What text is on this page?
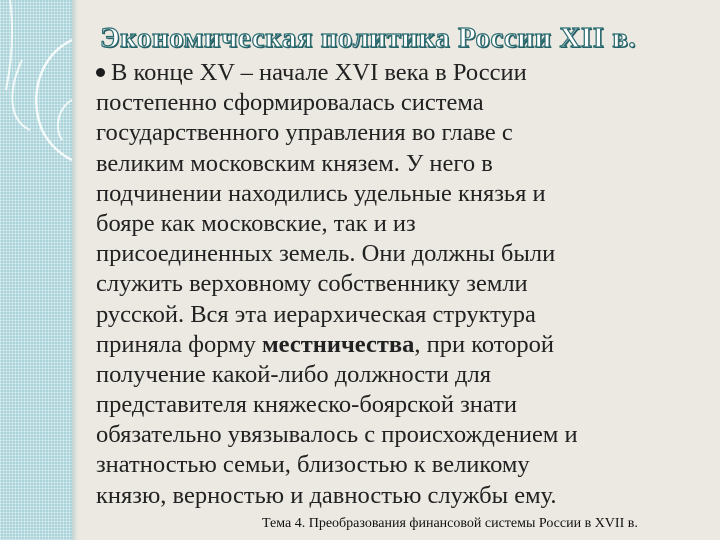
Экономическая политика России XII в.
В конце XV – начале XVI века в России
постепенно сформировалась система
государственного управления во главе с
великим московским князем. У него в
подчинении находились удельные князья и
бояре как московские, так и из
присоединенных земель. Они должны были
служить верховному собственнику земли
русской. Вся эта иерархическая структура
приняла форму местничества, при которой
получение какой-либо должности для
представителя княжеско-боярской знати
обязательно увязывалось с происхождением и
знатностью семьи, близостью к великому
князю, верностью и давностью службы ему.
Тема 4. Преобразования финансовой системы России в XVII в.
